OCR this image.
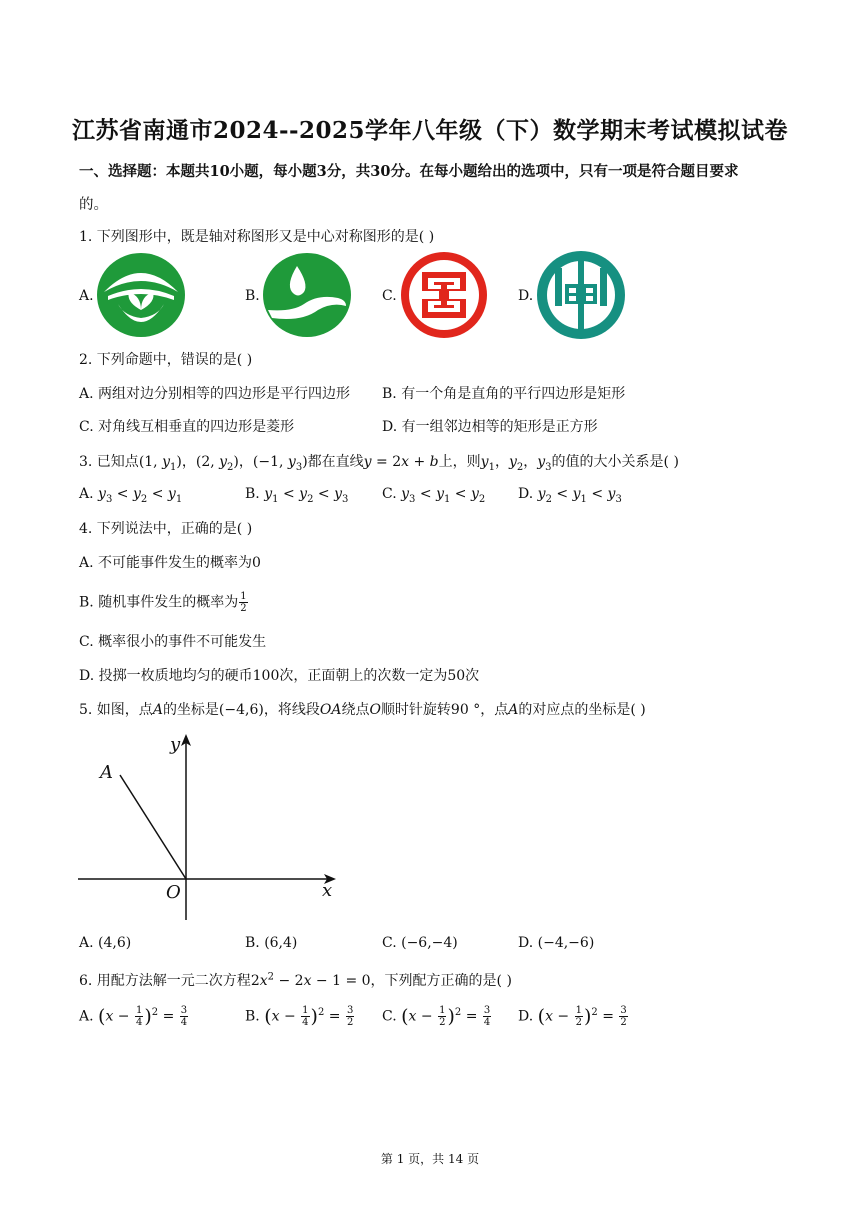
江苏省南通市2024--2025学年八年级（下）数学期末考试模拟试卷
一、选择题：本题共10小题，每小题3分，共30分。在每小题给出的选项中，只有一项是符合题目要求
的。
1. 下列图形中，既是轴对称图形又是中心对称图形的是( )
A.	B.	C.	D.
2. 下列命题中，错误的是( )
A. 两组对边分别相等的四边形是平行四边形 B. 有一个角是直角的平行四边形是矩形
C. 对角线互相垂直的四边形是菱形	D. 有一组邻边相等的矩形是正方形
3. 已知点(1, $y_1$)，(2, $y_2$)，(−1, $y_3$)都在直线y = 2x + b上，则$y_1$，$y_2$，$y_3$的值的大小关系是( )
A. $y_3 < y_2 < y_1$	B. $y_1 < y_2 < y_3$ C. $y_3 < y_1 < y_2$ D. $y_2 < y_1 < y_3$
4. 下列说法中，正确的是( )
A. 不可能事件发生的概率为0
B. 随机事件发生的概率为 $\frac{1}{2}$
C. 概率很小的事件不可能发生
D. 投掷一枚质地均匀的硬币100次，正面朝上的次数一定为50次
5. 如图，点A的坐标是(−4,6)，将线段OA绕点O顺时针旋转90 °，点A的对应点的坐标是( )
A
O	x
y
A. (4,6)	B. (6,4)	C. (−6,−4)	D. (−4,−6)
6. 用配方法解一元二次方程$2x^2 - 2x - 1 = 0$，下列配方正确的是( )
A. $(x - \frac{1}{4} )^2 = \frac{3}{4}$	B. $(x - \frac{1}{4} )^2 = \frac{3}{2} C$. $(x - \frac{1}{2} )^2 = \frac{3}{4} D$. $(x - \frac{1}{2} )^2 = \frac{3}{2}$
第 1 页，共 14 页
